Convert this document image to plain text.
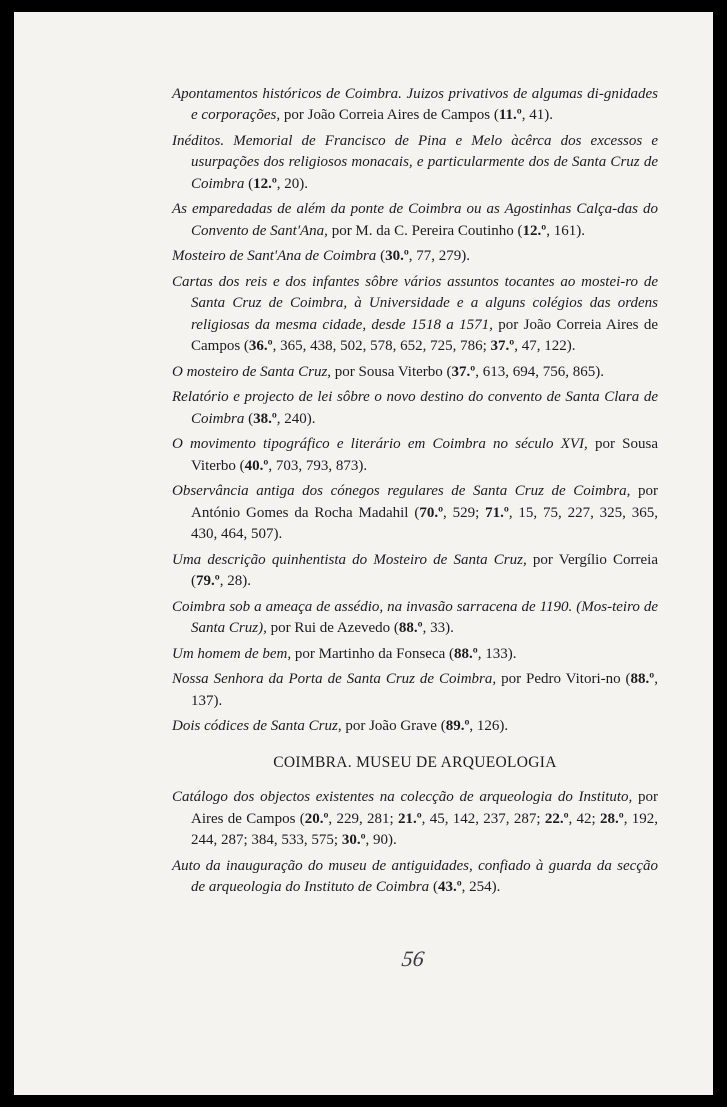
Apontamentos históricos de Coimbra. Juizos privativos de algumas di-gnidades e corporações, por João Correia Aires de Campos (11.º, 41).

Inéditos. Memorial de Francisco de Pina e Melo àcêrca dos excessos e usurpações dos religiosos monacais, e particularmente dos de Santa Cruz de Coimbra (12.º, 20).

As emparedadas de além da ponte de Coimbra ou as Agostinhas Calça-das do Convento de Sant'Ana, por M. da C. Pereira Coutinho (12.º, 161).

Mosteiro de Sant'Ana de Coimbra (30.º, 77, 279).

Cartas dos reis e dos infantes sôbre vários assuntos tocantes ao mostei-ro de Santa Cruz de Coimbra, à Universidade e a alguns colégios das ordens religiosas da mesma cidade, desde 1518 a 1571, por João Correia Aires de Campos (36.º, 365, 438, 502, 578, 652, 725, 786; 37.º, 47, 122).

O mosteiro de Santa Cruz, por Sousa Viterbo (37.º, 613, 694, 756, 865).

Relatório e projecto de lei sôbre o novo destino do convento de Santa Clara de Coimbra (38.º, 240).

O movimento tipográfico e literário em Coimbra no século XVI, por Sousa Viterbo (40.º, 703, 793, 873).

Observância antiga dos cónegos regulares de Santa Cruz de Coimbra, por António Gomes da Rocha Madahil (70.º, 529; 71.º, 15, 75, 227, 325, 365, 430, 464, 507).

Uma descrição quinhentista do Mosteiro de Santa Cruz, por Vergílio Correia (79.º, 28).

Coimbra sob a ameaça de assédio, na invasão sarracena de 1190. (Mos-teiro de Santa Cruz), por Rui de Azevedo (88.º, 33).

Um homem de bem, por Martinho da Fonseca (88.º, 133).

Nossa Senhora da Porta de Santa Cruz de Coimbra, por Pedro Vitori-no (88.º, 137).

Dois códices de Santa Cruz, por João Grave (89.º, 126).

COIMBRA. MUSEU DE ARQUEOLOGIA

Catálogo dos objectos existentes na colecção de arqueologia do Instituto, por Aires de Campos (20.º, 229, 281; 21.º, 45, 142, 237, 287; 22.º, 42; 28.º, 192, 244, 287; 384, 533, 575; 30.º, 90).

Auto da inauguração do museu de antiguidades, confiado à guarda da secção de arqueologia do Instituto de Coimbra (43.º, 254).

56
